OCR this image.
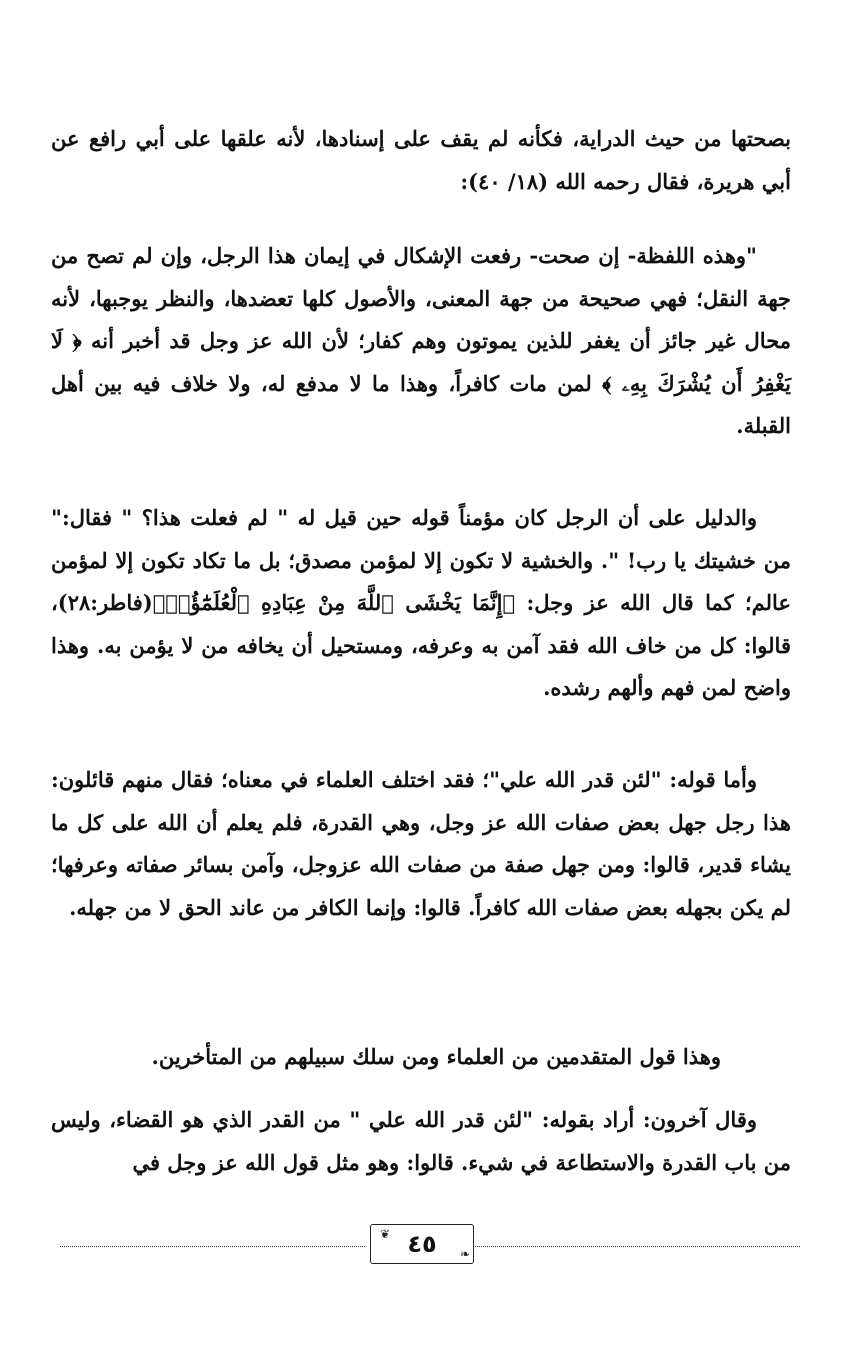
بصحتها من حيث الدراية، فكأنه لم يقف على إسنادها، لأنه علقها على أبي رافع عن أبي هريرة، فقال رحمه الله (١٨/ ٤٠):

"وهذه اللفظة- إن صحت- رفعت الإشكال في إيمان هذا الرجل، وإن لم تصح من جهة النقل؛ فهي صحيحة من جهة المعنى، والأصول كلها تعضدها، والنظر يوجبها، لأنه محال غير جائز أن يغفر للذين يموتون وهم كفار؛ لأن الله عز وجل قد أخبر أنه ﴿ لَا يَغْفِرُ أَن يُشْرَكَ بِهِۦ ﴾ لمن مات كافراً، وهذا ما لا مدفع له، ولا خلاف فيه بين أهل القبلة.

والدليل على أن الرجل كان مؤمناً قوله حين قيل له " لم فعلت هذا؟ " فقال:" من خشيتك يا رب! ". والخشية لا تكون إلا لمؤمن مصدق؛ بل ما تكاد تكون إلا لمؤمن عالم؛ كما قال الله عز وجل: ﴿إِنَّمَا يَخْشَى ٱللَّهَ مِنْ عِبَادِهِ ٱلْعُلَمَٰٓؤُا۟﴾(فاطر:٢٨)، قالوا: كل من خاف الله فقد آمن به وعرفه، ومستحيل أن يخافه من لا يؤمن به. وهذا واضح لمن فهم وألهم رشده.

وأما قوله: "لئن قدر الله علي"؛ فقد اختلف العلماء في معناه؛ فقال منهم قائلون: هذا رجل جهل بعض صفات الله عز وجل، وهي القدرة، فلم يعلم أن الله على كل ما يشاء قدير، قالوا: ومن جهل صفة من صفات الله عزوجل، وآمن بسائر صفاته وعرفها؛ لم يكن بجهله بعض صفات الله كافراً. قالوا: وإنما الكافر من عاند الحق لا من جهله.

وهذا قول المتقدمين من العلماء ومن سلك سبيلهم من المتأخرين.

وقال آخرون: أراد بقوله: "لئن قدر الله علي " من القدر الذي هو القضاء، وليس من باب القدرة والاستطاعة في شيء. قالوا: وهو مثل قول الله عز وجل في

❦ ٤٥	❧
